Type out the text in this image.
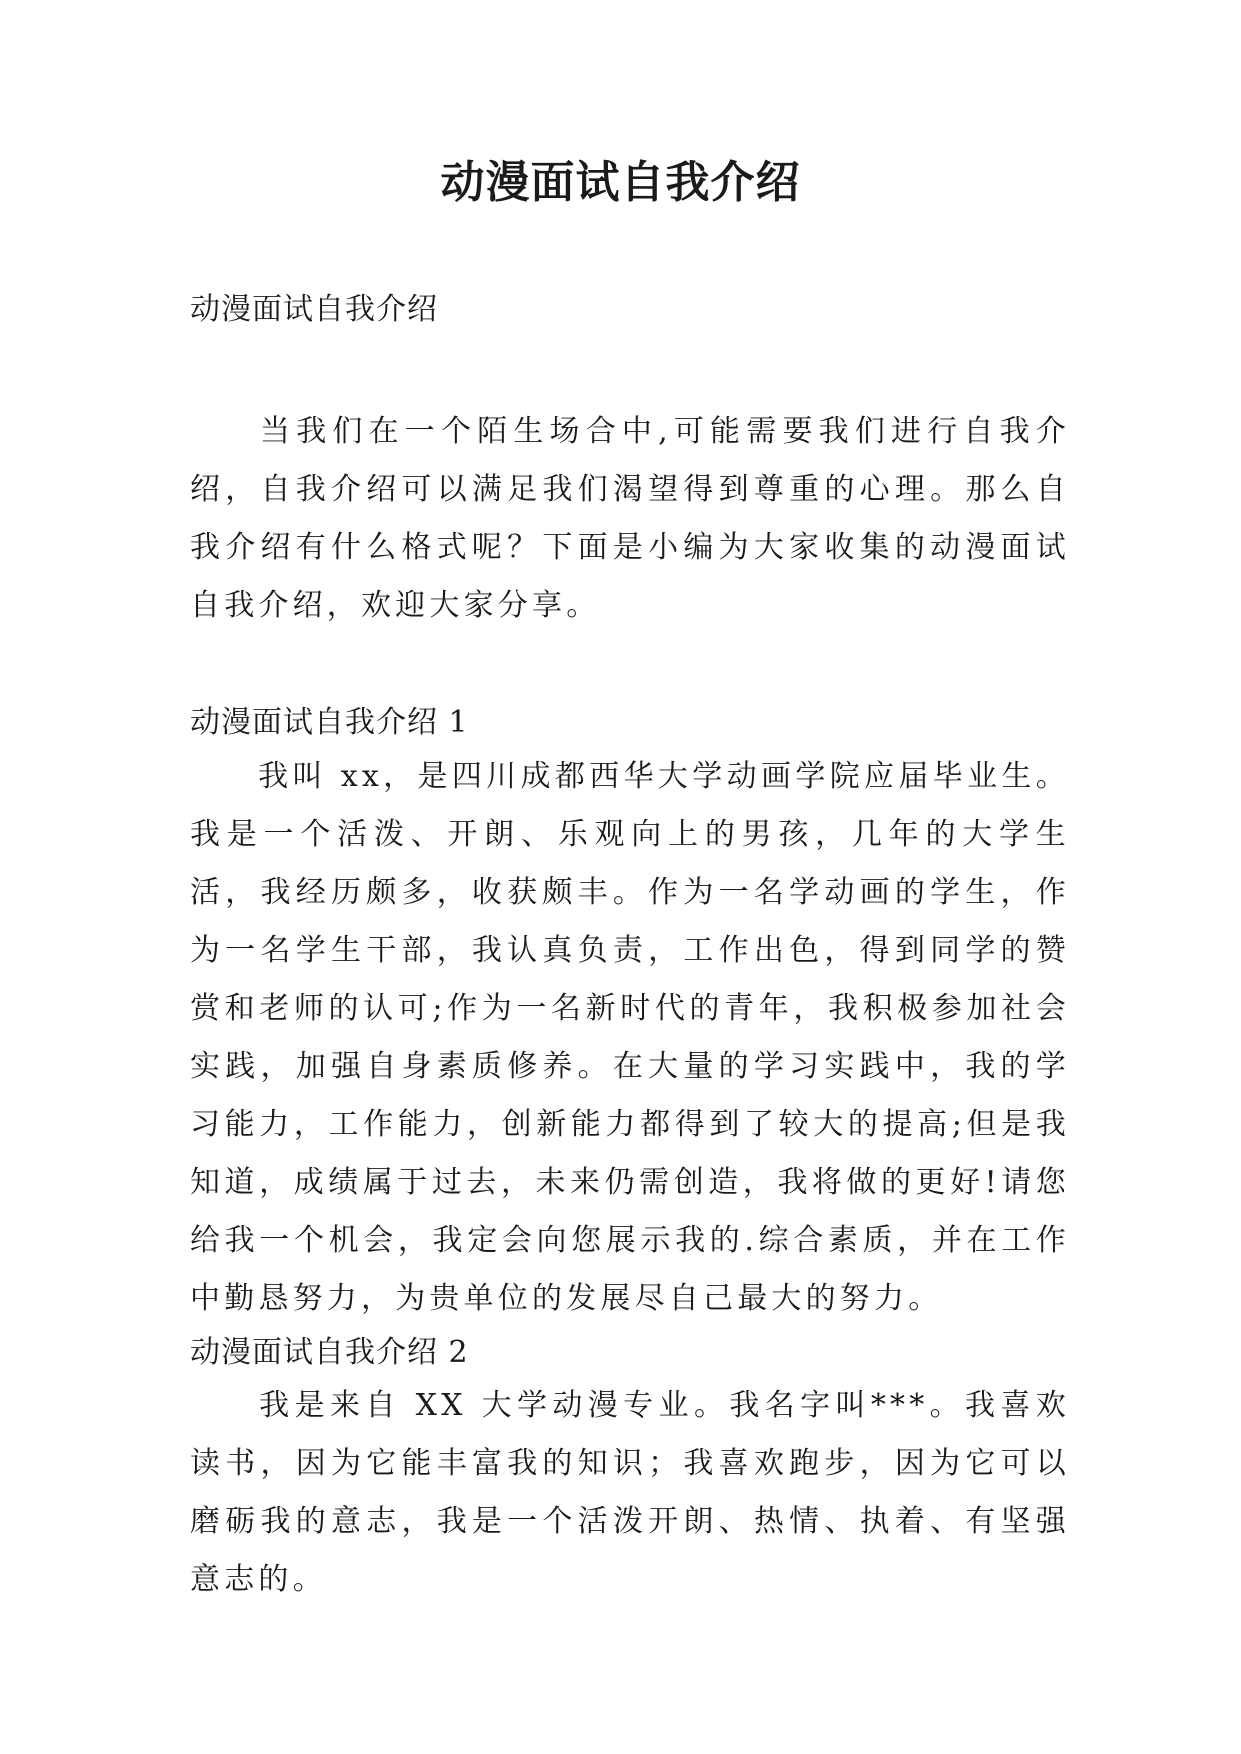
动漫面试自我介绍

动漫面试自我介绍

当我们在一个陌生场合中,可能需要我们进行自我介绍，自我介绍可以满足我们渴望得到尊重的心理。那么自我介绍有什么格式呢？下面是小编为大家收集的动漫面试自我介绍，欢迎大家分享。

动漫面试自我介绍 1

我叫 xx，是四川成都西华大学动画学院应届毕业生。我是一个活泼、开朗、乐观向上的男孩，几年的大学生活，我经历颇多，收获颇丰。作为一名学动画的学生，作为一名学生干部，我认真负责，工作出色，得到同学的赞赏和老师的认可;作为一名新时代的青年，我积极参加社会实践，加强自身素质修养。在大量的学习实践中，我的学习能力，工作能力，创新能力都得到了较大的提高;但是我知道，成绩属于过去，未来仍需创造，我将做的更好!请您给我一个机会，我定会向您展示我的.综合素质，并在工作中勤恳努力，为贵单位的发展尽自己最大的努力。

动漫面试自我介绍 2

我是来自 XX 大学动漫专业。我名字叫***。我喜欢读书，因为它能丰富我的知识；我喜欢跑步，因为它可以磨砺我的意志，我是一个活泼开朗、热情、执着、有坚强意志的。
